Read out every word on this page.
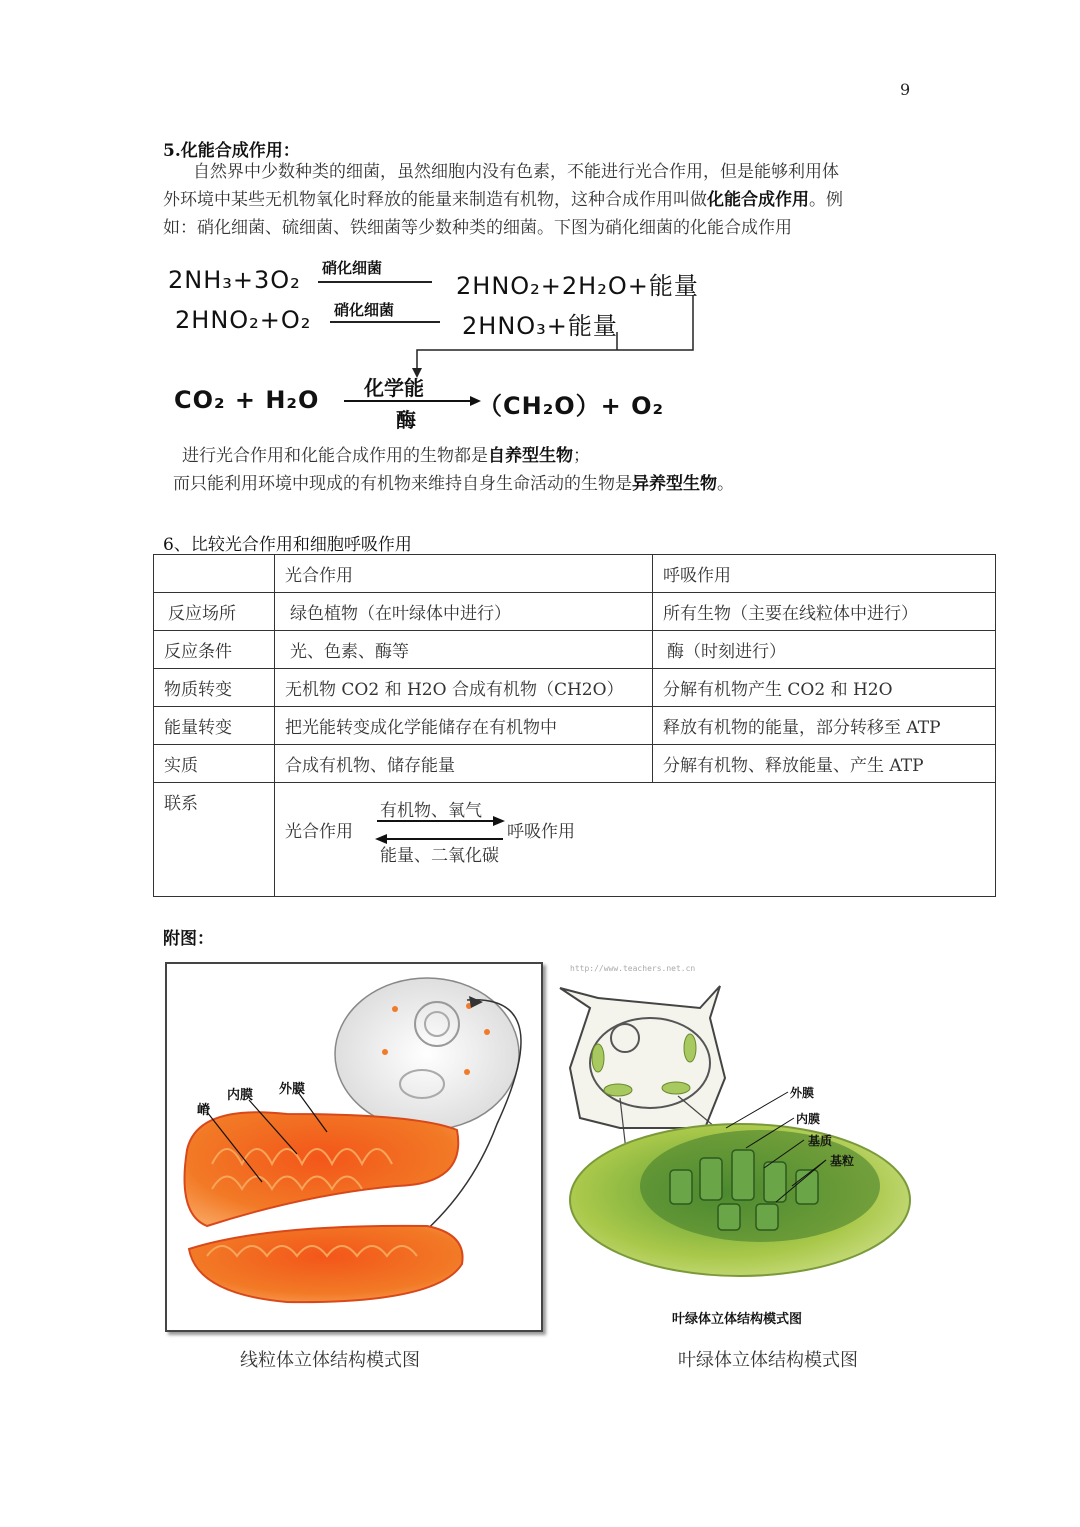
9
5.化能合成作用：
自然界中少数种类的细菌，虽然细胞内没有色素，不能进行光合作用，但是能够利用体
外环境中某些无机物氧化时释放的能量来制造有机物，这种合成作用叫做化能合成作用。例
如：硝化细菌、硫细菌、铁细菌等少数种类的细菌。下图为硝化细菌的化能合成作用
2NH₃+3O₂ 硝化细菌
2HNO₂+2H₂O+能量
2HNO₂+O₂ 硝化细菌
2HNO₃+能量
CO₂ + H₂O 化学能
酶	（CH₂O）+ O₂
进行光合作用和化能合成作用的生物都是自养型生物；
而只能利用环境中现成的有机物来维持自身生命活动的生物是异养型生物。
6、比较光合作用和细胞呼吸作用
	光合作用	呼吸作用
反应场所	绿色植物（在叶绿体中进行）	所有生物（主要在线粒体中进行）
反应条件	光、色素、酶等	酶（时刻进行）
物质转变	无机物 CO2 和 H2O 合成有机物（CH2O）	分解有机物产生 CO2 和 H2O
能量转变	把光能转变成化学能储存在有机物中	释放有机物的能量，部分转移至 ATP
实质	合成有机物、储存能量	分解有机物、释放能量、产生 ATP
联系	光合作用
有机物、氧气
呼吸作用
能量、二氧化碳	
附图：
嵴
内膜 外膜
线粒体立体结构模式图
http://www.teachers.net.cn
外膜
内膜
基质
基粒
叶绿体立体结构模式图
叶绿体立体结构模式图
